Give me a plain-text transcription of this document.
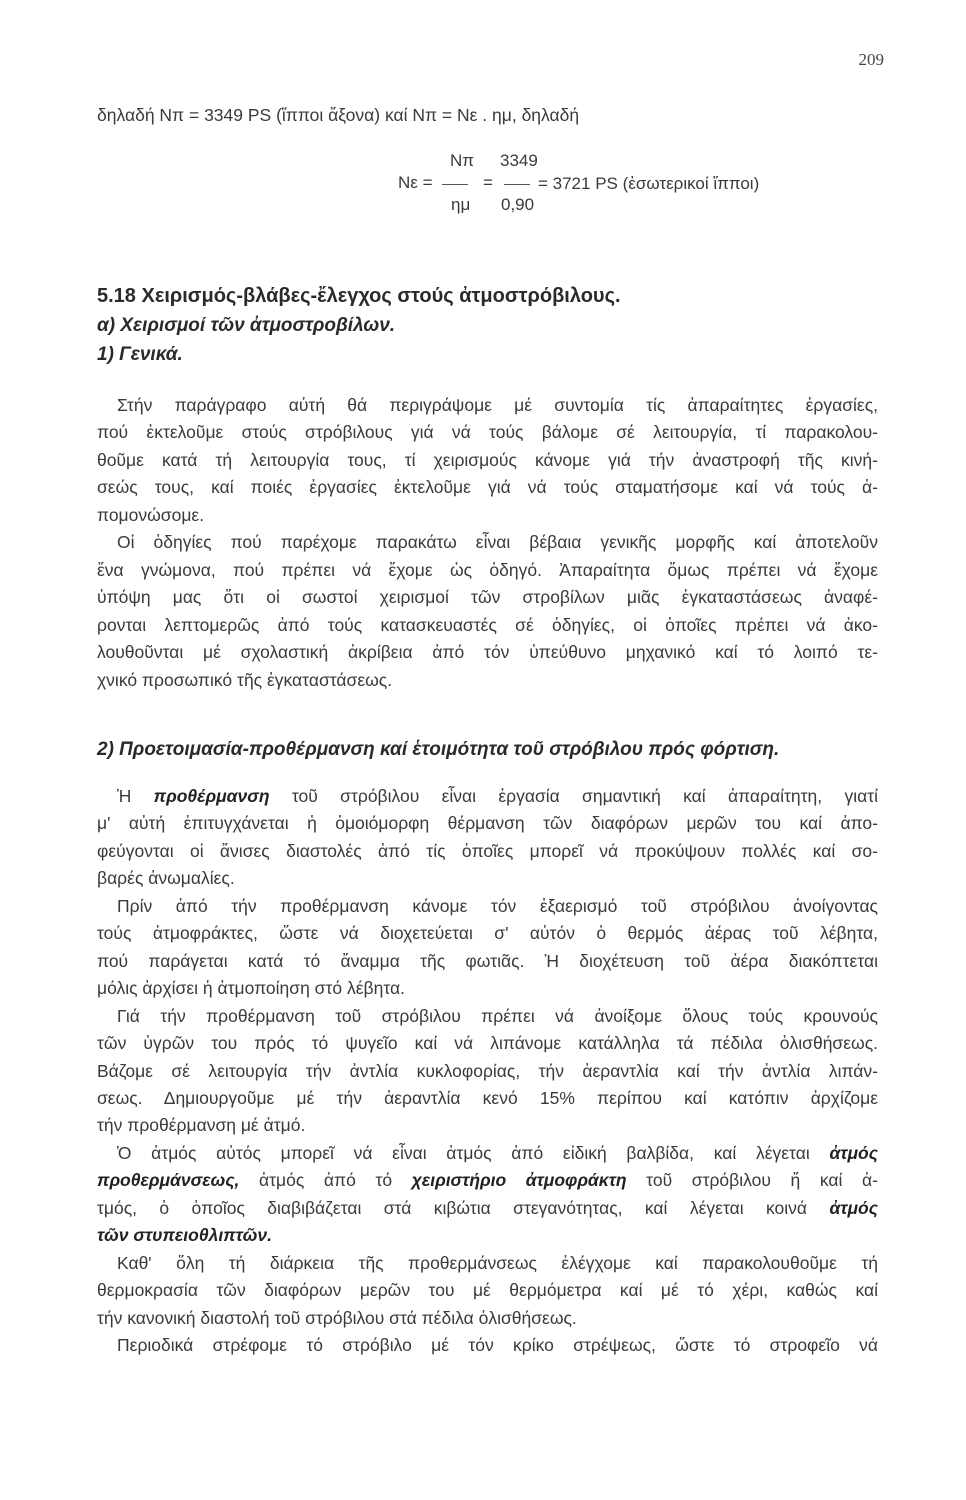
209
δηλαδή Nπ = 3349 PS (ἵπποι ἄξονα) καί Nπ = Nε . ημ, δηλαδή
Nε =
Nπ
ημ
=
3349
0,90
= 3721 PS (ἐσωτερικοί ἵπποι)
5.18 Χειρισμός-βλάβες-ἔλεγχος στούς ἀτμοστρόβιλους.
α) Χειρισμοί τῶν ἀτμοστροβίλων.
1) Γενικά.
Στήν παράγραφο αὐτή θά περιγράψομε μέ συντομία τίς ἀπαραίτητες ἐργασίες,
πού ἐκτελοῦμε στούς στρόβιλους γιά νά τούς βάλομε σέ λειτουργία, τί παρακολου-
θοῦμε κατά τή λειτουργία τους, τί χειρισμούς κάνομε γιά τήν ἀναστροφή τῆς κινή-
σεώς τους, καί ποιές ἐργασίες ἐκτελοῦμε γιά νά τούς σταματήσομε καί νά τούς ἀ-
πομονώσομε.
Οἱ ὁδηγίες πού παρέχομε παρακάτω εἶναι βέβαια γενικῆς μορφῆς καί ἀποτελοῦν
ἕνα γνώμονα, πού πρέπει νά ἔχομε ὡς ὁδηγό. Ἀπαραίτητα ὅμως πρέπει νά ἔχομε
ὑπόψη μας ὅτι οἱ σωστοί χειρισμοί τῶν στροβίλων μιᾶς ἐγκαταστάσεως ἀναφέ-
ρονται λεπτομερῶς ἀπό τούς κατασκευαστές σέ ὁδηγίες, οἱ ὁποῖες πρέπει νά ἀκο-
λουθοῦνται μέ σχολαστική ἀκρίβεια ἀπό τόν ὑπεύθυνο μηχανικό καί τό λοιπό τε-
χνικό προσωπικό τῆς ἐγκαταστάσεως.
2) Προετοιμασία-προθέρμανση καί ἑτοιμότητα τοῦ στρόβιλου πρός φόρτιση.
Ἡ προθέρμανση τοῦ στρόβιλου εἶναι ἐργασία σημαντική καί ἀπαραίτητη, γιατί
μ' αὐτή ἐπιτυγχάνεται ἡ ὁμοιόμορφη θέρμανση τῶν διαφόρων μερῶν του καί ἀπο-
φεύγονται οἱ ἄνισες διαστολές ἀπό τίς ὁποῖες μπορεῖ νά προκύψουν πολλές καί σο-
βαρές ἀνωμαλίες.
Πρίν ἀπό τήν προθέρμανση κάνομε τόν ἐξαερισμό τοῦ στρόβιλου ἀνοίγοντας
τούς ἀτμοφράκτες, ὥστε νά διοχετεύεται σ' αὐτόν ὁ θερμός ἀέρας τοῦ λέβητα,
πού παράγεται κατά τό ἄναμμα τῆς φωτιᾶς. Ἡ διοχέτευση τοῦ ἀέρα διακόπτεται
μόλις ἀρχίσει ἡ ἀτμοποίηση στό λέβητα.
Γιά τήν προθέρμανση τοῦ στρόβιλου πρέπει νά ἀνοίξομε ὅλους τούς κρουνούς
τῶν ὑγρῶν του πρός τό ψυγεῖο καί νά λιπάνομε κατάλληλα τά πέδιλα ὀλισθήσεως.
Βάζομε σέ λειτουργία τήν ἀντλία κυκλοφορίας, τήν ἀεραντλία καί τήν ἀντλία λιπάν-
σεως. Δημιουργοῦμε μέ τήν ἀεραντλία κενό 15% περίπου καί κατόπιν ἀρχίζομε
τήν προθέρμανση μέ ἀτμό.
Ὁ ἀτμός αὐτός μπορεῖ νά εἶναι ἀτμός ἀπό εἰδική βαλβίδα, καί λέγεται ἀτμός
προθερμάνσεως, ἀτμός ἀπό τό χειριστήριο ἀτμοφράκτη τοῦ στρόβιλου ἤ καί ἀ-
τμός, ὁ ὁποῖος διαβιβάζεται στά κιβώτια στεγανότητας, καί λέγεται κοινά ἀτμός
τῶν στυπειοθλιπτῶν.
Καθ' ὅλη τή διάρκεια τῆς προθερμάνσεως ἐλέγχομε καί παρακολουθοῦμε τή
θερμοκρασία τῶν διαφόρων μερῶν του μέ θερμόμετρα καί μέ τό χέρι, καθώς καί
τήν κανονική διαστολή τοῦ στρόβιλου στά πέδιλα ὀλισθήσεως.
Περιοδικά στρέφομε τό στρόβιλο μέ τόν κρίκο στρέψεως, ὥστε τό στροφεῖο νά
